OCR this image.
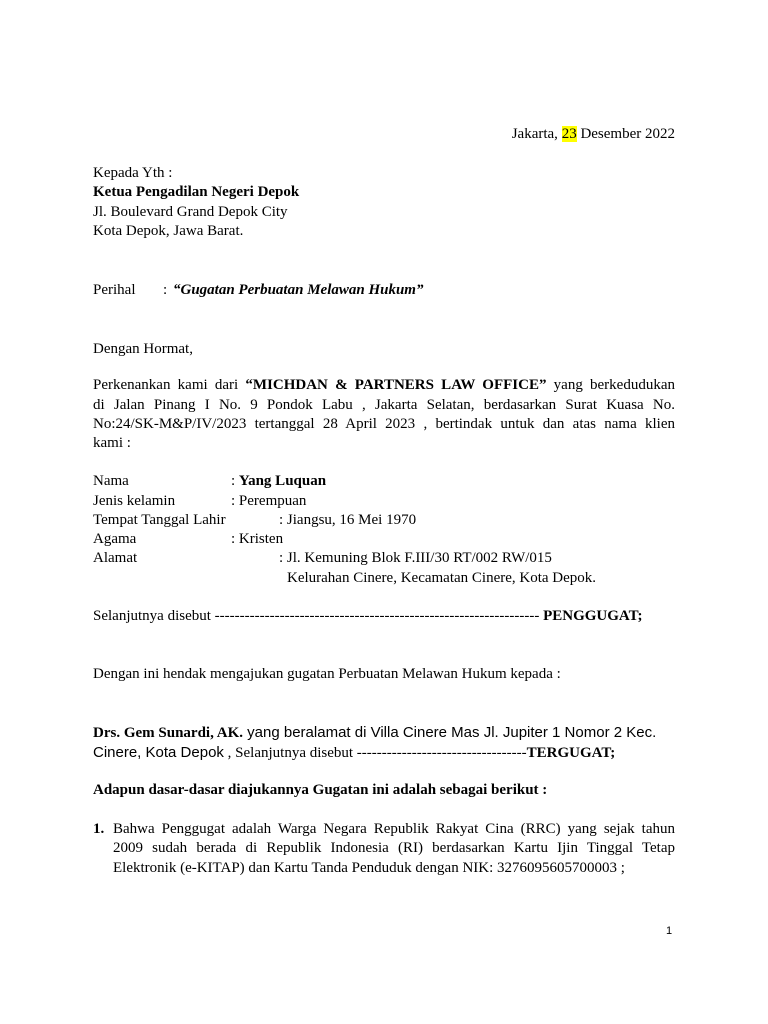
Jakarta, 23 Desember 2022
Kepada Yth :
Ketua Pengadilan Negeri Depok
Jl. Boulevard Grand Depok City
Kota Depok, Jawa Barat.
Perihal : “Gugatan Perbuatan Melawan Hukum”
Dengan Hormat,
Perkenankan kami dari “MICHDAN & PARTNERS LAW OFFICE” yang berkedudukan
di Jalan Pinang I No. 9 Pondok Labu , Jakarta Selatan, berdasarkan Surat Kuasa No.
No:24/SK-M&P/IV/2023 tertanggal 28 April 2023 , bertindak untuk dan atas nama klien
kami :
Nama	: Yang Luquan
Jenis kelamin	: Perempuan
Tempat Tanggal Lahir	: Jiangsu, 16 Mei 1970
Agama	: Kristen
Alamat	: Jl. Kemuning Blok F.III/30 RT/002 RW/015
Kelurahan Cinere, Kecamatan Cinere, Kota Depok.
Selanjutnya disebut ----------------------------------------------------------------- PENGGUGAT;
Dengan ini hendak mengajukan gugatan Perbuatan Melawan Hukum kepada :
Drs. Gem Sunardi, AK. yang beralamat di Villa Cinere Mas Jl. Jupiter 1 Nomor 2 Kec.
Cinere, Kota Depok , Selanjutnya disebut ----------------------------------TERGUGAT;
Adapun dasar-dasar diajukannya Gugatan ini adalah sebagai berikut :
1. Bahwa Penggugat adalah Warga Negara Republik Rakyat Cina (RRC) yang sejak tahun
2009 sudah berada di Republik Indonesia (RI) berdasarkan Kartu Ijin Tinggal Tetap
Elektronik (e-KITAP) dan Kartu Tanda Penduduk dengan NIK: 3276095605700003 ;
1
